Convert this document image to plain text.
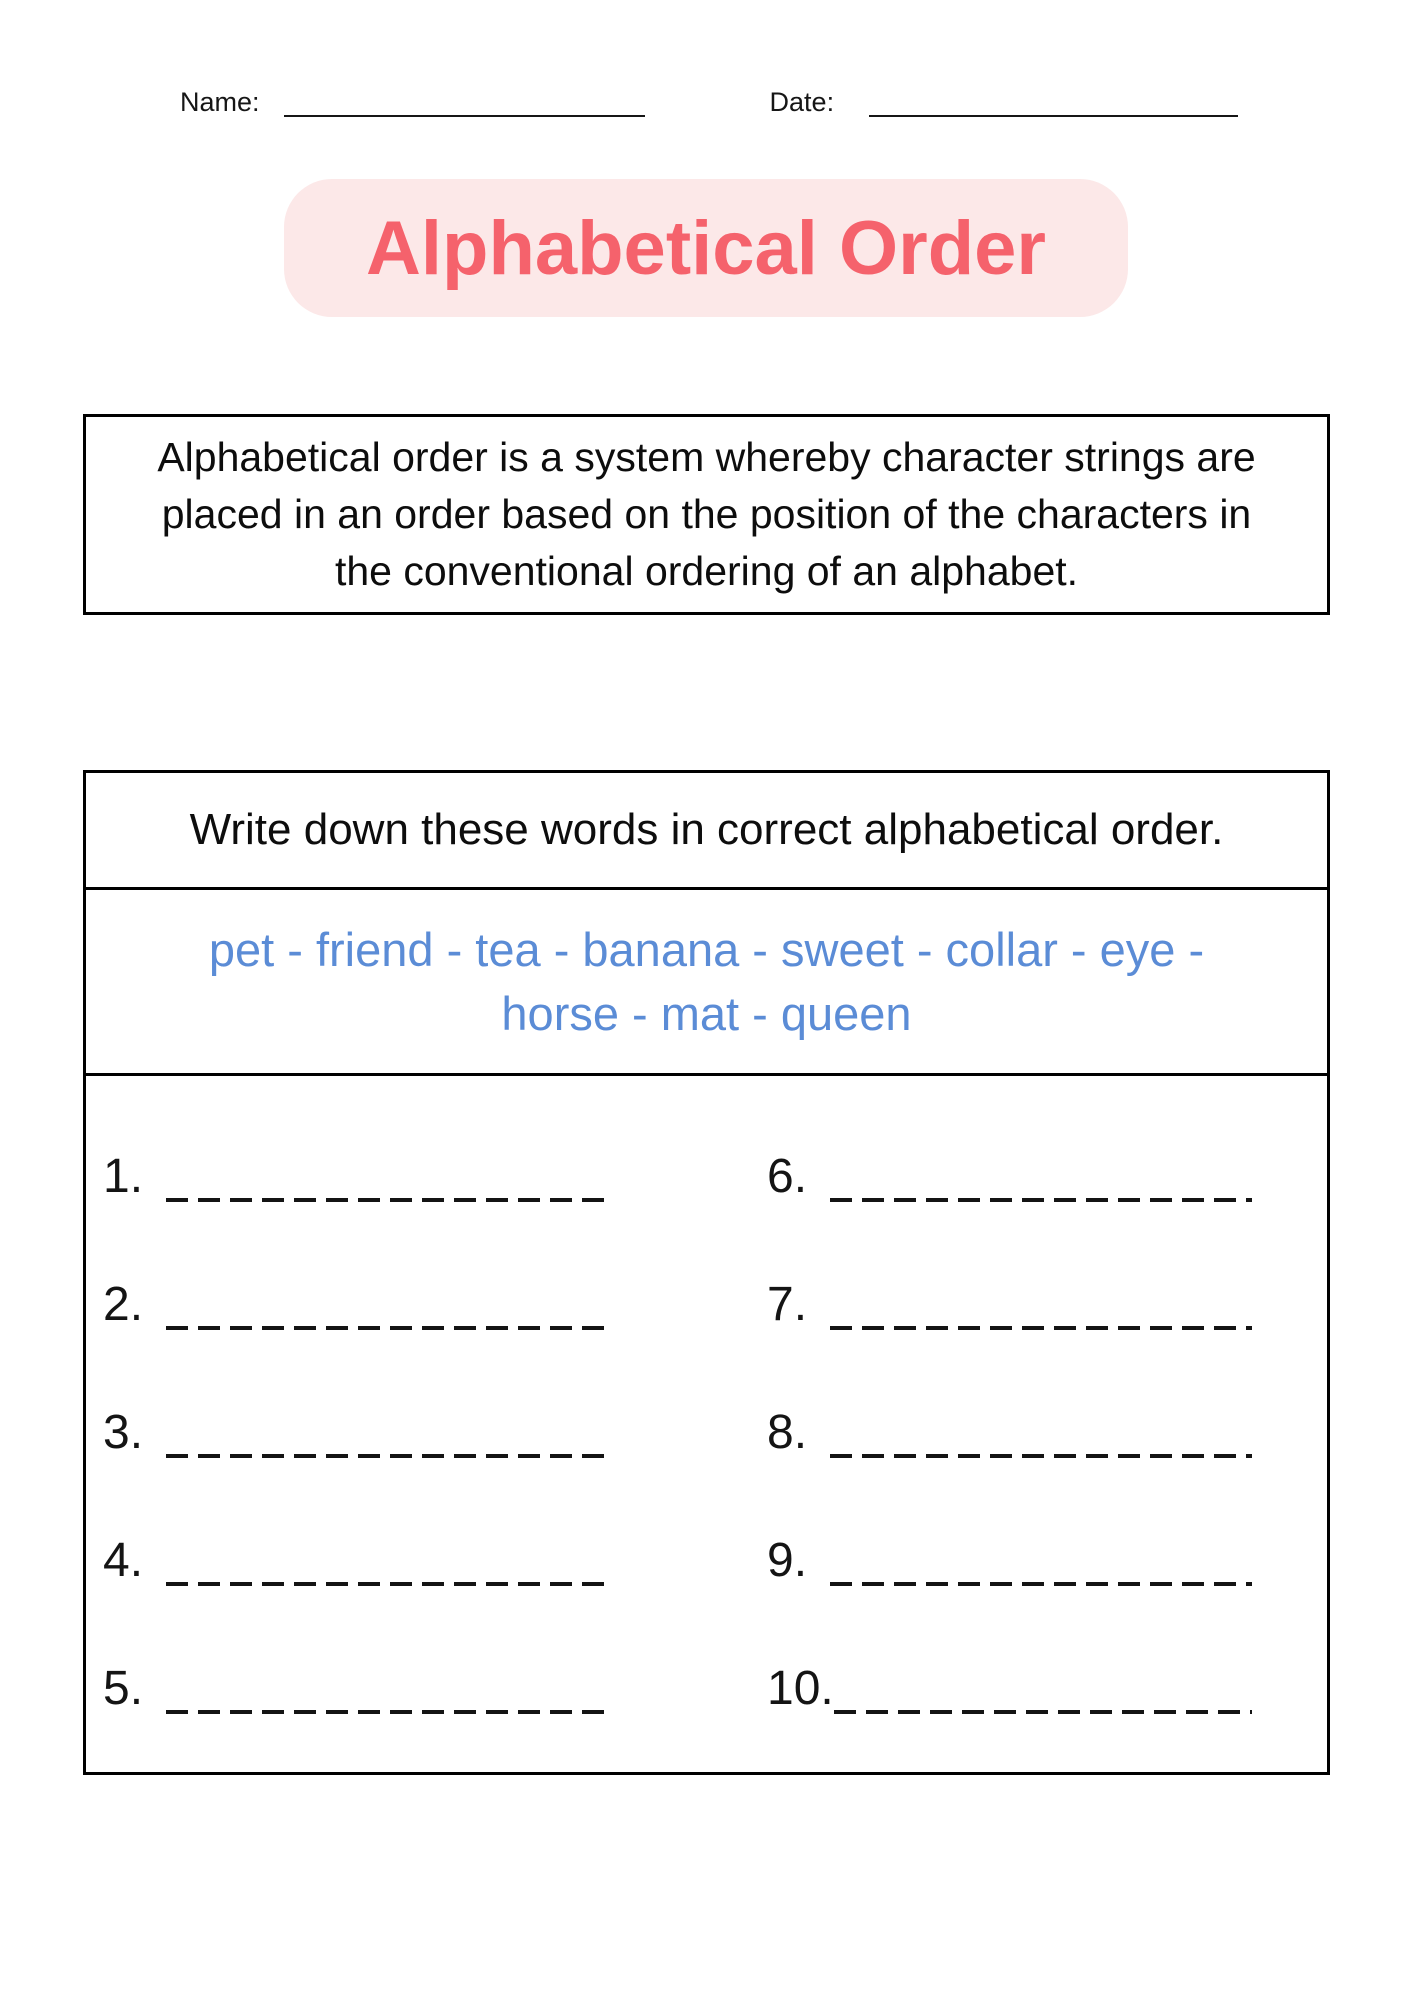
Name:	Date:
Alphabetical Order
Alphabetical order is a system whereby character strings are
placed in an order based on the position of the characters in
the conventional ordering of an alphabet.
Write down these words in correct alphabetical order.
pet - friend - tea - banana - sweet - collar - eye -
horse - mat - queen
1.
2.
3.
4.
5.
6.
7.
8.
9.
10.
